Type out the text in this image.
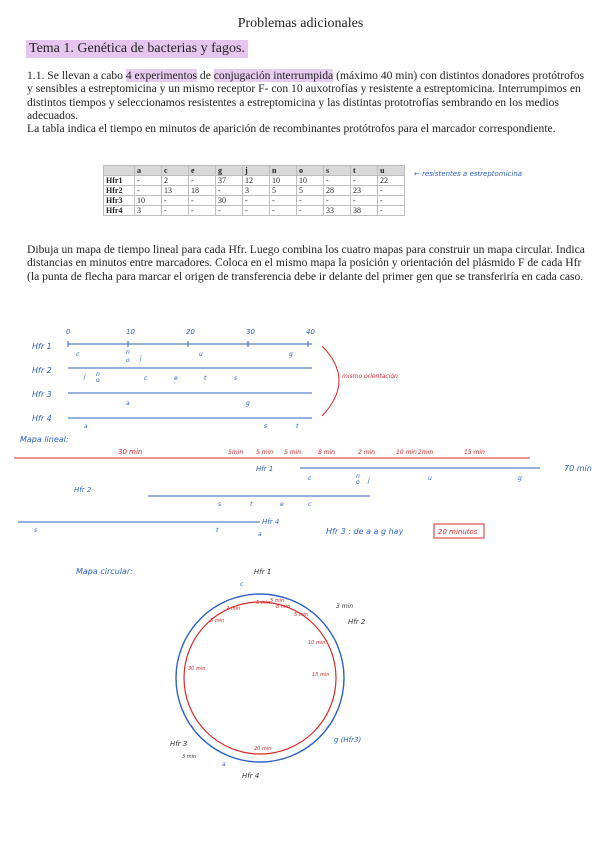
Problemas adicionales
Tema 1. Genética de bacterias y fagos.
1.1. Se llevan a cabo 4 experimentos de conjugación interrumpida (máximo 40 min) con distintos donadores protótrofos y sensibles a estreptomicina y un mismo receptor F- con 10 auxotrofías y resistente a estreptomicina. Interrumpimos en distintos tiempos y seleccionamos resistentes a estreptomicina y las distintas prototrofías sembrando en los medios adecuados.
La tabla indica el tiempo en minutos de aparición de recombinantes protótrofos para el marcador correspondiente.
	a	c	e	g	j	n	o	s	t	u
Hfr1	-	2	-	37	12	10	10	-	-	22
Hfr2	-	13	18	-	3	5	5	28	23	-
Hfr3	10	-	-	30	-	-	-	-	-	-
Hfr4	3	-	-	-	-	-	-	33	38	-
← resistentes a estreptomicina
Dibuja un mapa de tiempo lineal para cada Hfr. Luego combina los cuatro mapas para construir un mapa circular. Indica distancias en minutos entre marcadores. Coloca en el mismo mapa la posición y orientación del plásmido F de cada Hfr (la punta de flecha para marcar el origen de transferencia debe ir delante del primer gen que se transferiría en cada caso.
0	10	20	30	40
Hfr 1
Hfr 2
Hfr 3
Hfr 4
c	n
o j
u	g
j n
o	c	e	t	s
a	g
a	s	t
mismo orientación
Mapa lineal:
30 min	5min 5 min 5 min	2 min
8 min	2min
10 min	15 min
Hfr 1
c	n
o j	u	g
70 min
Hfr 2
s	t	e	c
Hfr 4
s	t
a	Hfr 3 : de a a g hay	20 minutos
Mapa circular:	Hfr 1
c
3 min
Hfr 2
2 min
5 min
8 min
5 min
5 min
10 min
15 min
30 min
20 min
5 min
g (Hfr3)
Hfr 3
3 min
a
Hfr 4
